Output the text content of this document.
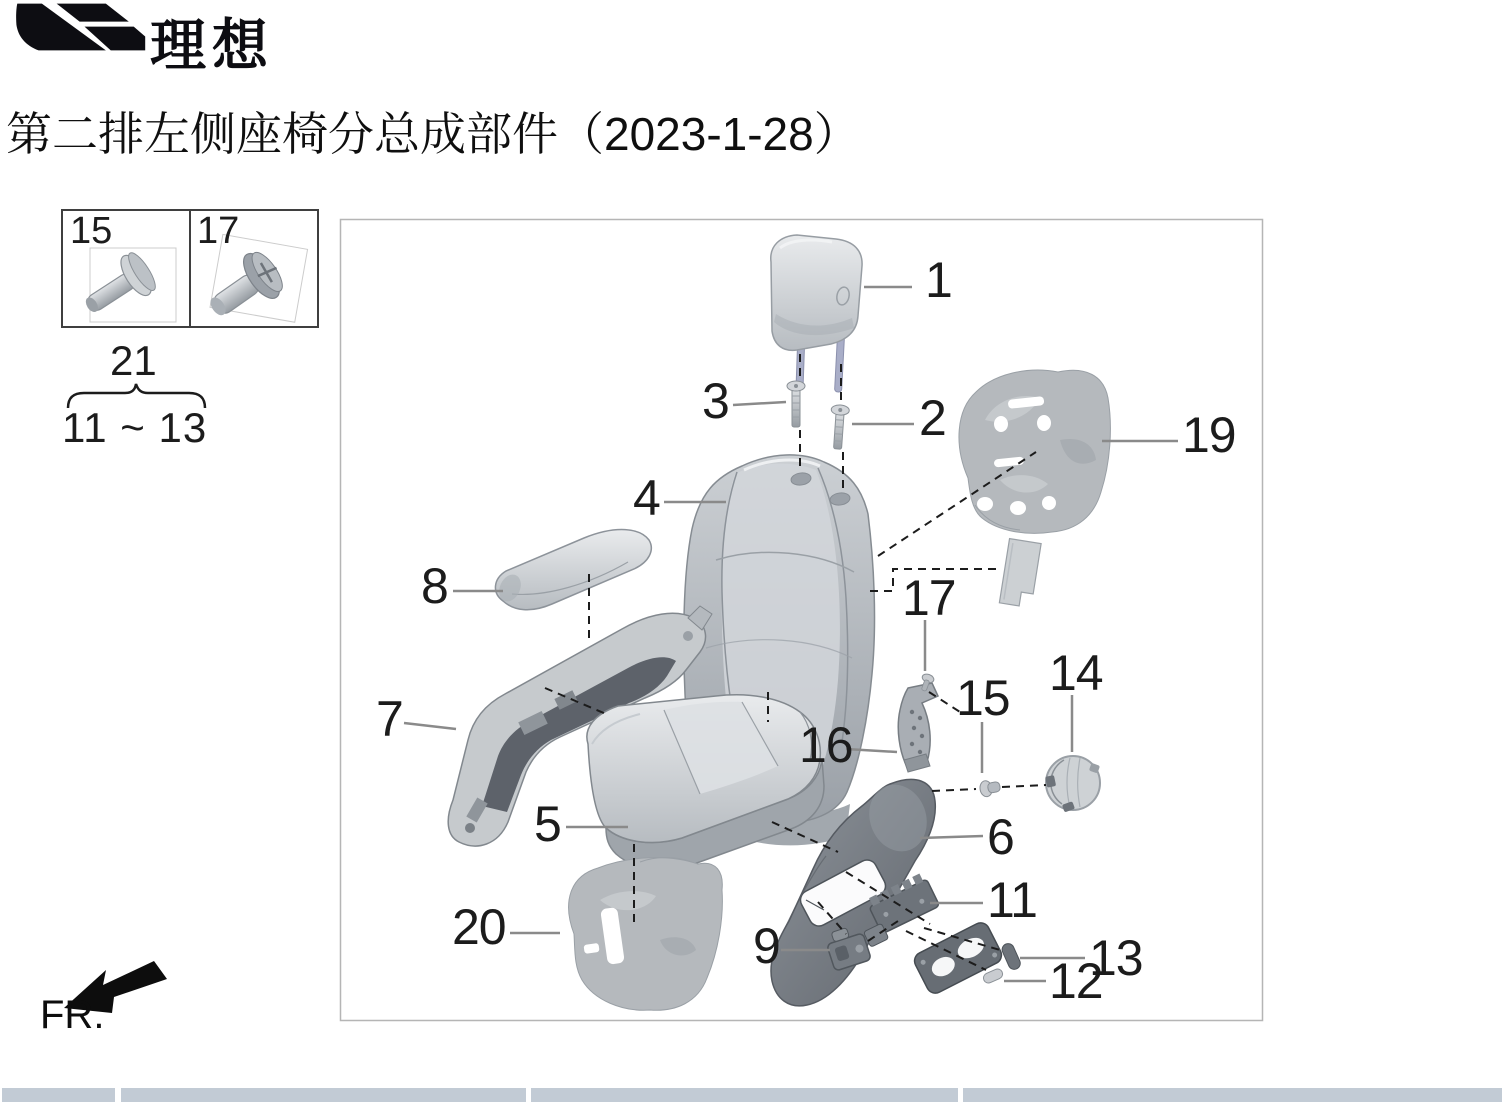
理想
第二排左侧座椅分总成部件（2023-1-28）
15 17
21
11 ~ 13
FR.
1
2
3
4
5	6
7
8
9
11
12
13
14
15
16
17
19
20
